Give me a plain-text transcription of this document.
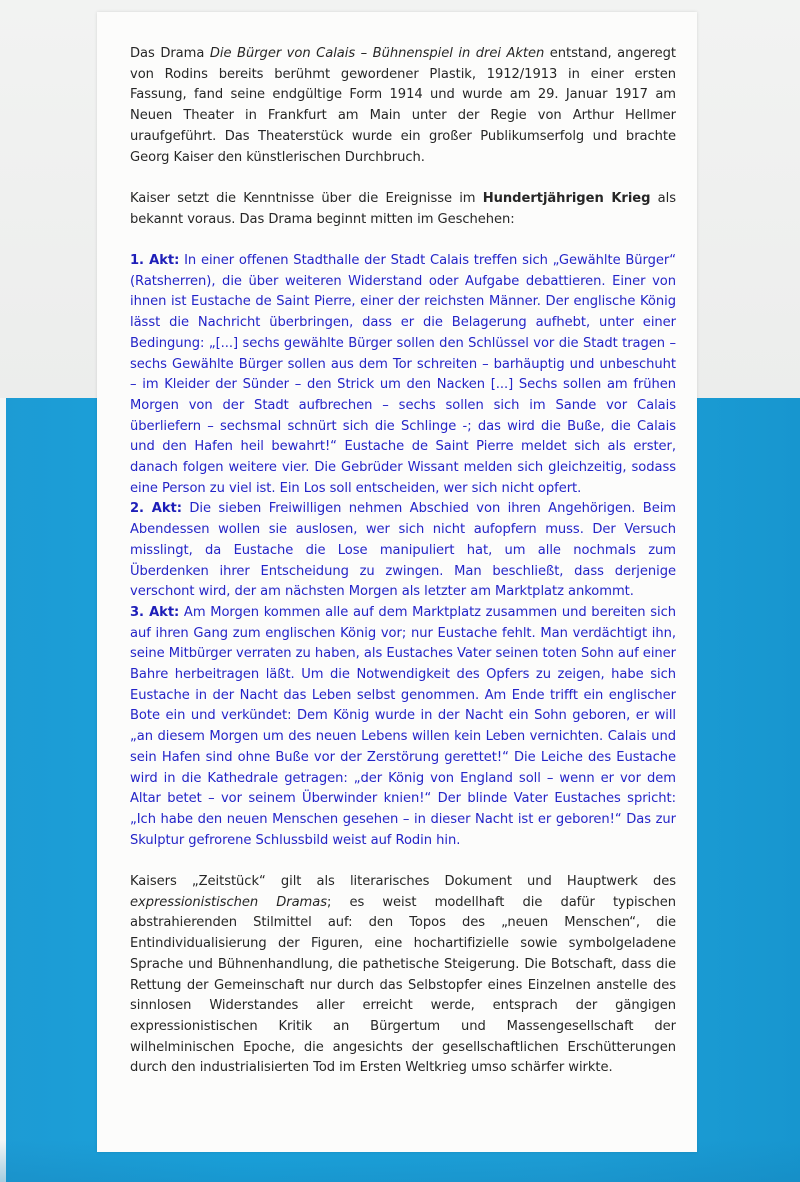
Das Drama Die Bürger von Calais – Bühnenspiel in drei Akten entstand, angeregt von Rodins bereits berühmt gewordener Plastik, 1912/1913 in einer ersten Fassung, fand seine endgültige Form 1914 und wurde am 29. Januar 1917 am Neuen Theater in Frankfurt am Main unter der Regie von Arthur Hellmer uraufgeführt. Das Theaterstück wurde ein großer Publikumserfolg und brachte Georg Kaiser den künstlerischen Durchbruch.

Kaiser setzt die Kenntnisse über die Ereignisse im Hundertjährigen Krieg als bekannt voraus. Das Drama beginnt mitten im Geschehen:

1. Akt: In einer offenen Stadthalle der Stadt Calais treffen sich „Gewählte Bürger“ (Ratsherren), die über weiteren Widerstand oder Aufgabe debattieren. Einer von ihnen ist Eustache de Saint Pierre, einer der reichsten Männer. Der englische König lässt die Nachricht überbringen, dass er die Belagerung aufhebt, unter einer Bedingung: „[...] sechs gewählte Bürger sollen den Schlüssel vor die Stadt tragen – sechs Gewählte Bürger sollen aus dem Tor schreiten – barhäuptig und unbeschuht – im Kleider der Sünder – den Strick um den Nacken [...] Sechs sollen am frühen Morgen von der Stadt aufbrechen – sechs sollen sich im Sande vor Calais überliefern – sechsmal schnürt sich die Schlinge -; das wird die Buße, die Calais und den Hafen heil bewahrt!“ Eustache de Saint Pierre meldet sich als erster, danach folgen weitere vier. Die Gebrüder Wissant melden sich gleichzeitig, sodass eine Person zu viel ist. Ein Los soll entscheiden, wer sich nicht opfert.

2. Akt: Die sieben Freiwilligen nehmen Abschied von ihren Angehörigen. Beim Abendessen wollen sie auslosen, wer sich nicht aufopfern muss. Der Versuch misslingt, da Eustache die Lose manipuliert hat, um alle nochmals zum Überdenken ihrer Entscheidung zu zwingen. Man beschließt, dass derjenige verschont wird, der am nächsten Morgen als letzter am Marktplatz ankommt.

3. Akt: Am Morgen kommen alle auf dem Marktplatz zusammen und bereiten sich auf ihren Gang zum englischen König vor; nur Eustache fehlt. Man verdächtigt ihn, seine Mitbürger verraten zu haben, als Eustaches Vater seinen toten Sohn auf einer Bahre herbeitragen läßt. Um die Notwendigkeit des Opfers zu zeigen, habe sich Eustache in der Nacht das Leben selbst genommen. Am Ende trifft ein englischer Bote ein und verkündet: Dem König wurde in der Nacht ein Sohn geboren, er will „an diesem Morgen um des neuen Lebens willen kein Leben vernichten. Calais und sein Hafen sind ohne Buße vor der Zerstörung gerettet!“ Die Leiche des Eustache wird in die Kathedrale getragen: „der König von England soll – wenn er vor dem Altar betet – vor seinem Überwinder knien!“ Der blinde Vater Eustaches spricht: „Ich habe den neuen Menschen gesehen – in dieser Nacht ist er geboren!“ Das zur Skulptur gefrorene Schlussbild weist auf Rodin hin.

Kaisers „Zeitstück“ gilt als literarisches Dokument und Hauptwerk des expressionistischen Dramas; es weist modellhaft die dafür typischen abstrahierenden Stilmittel auf: den Topos des „neuen Menschen“, die Entindividualisierung der Figuren, eine hochartifizielle sowie symbolgeladene Sprache und Bühnenhandlung, die pathetische Steigerung. Die Botschaft, dass die Rettung der Gemeinschaft nur durch das Selbstopfer eines Einzelnen anstelle des sinnlosen Widerstandes aller erreicht werde, entsprach der gängigen expressionistischen Kritik an Bürgertum und Massengesellschaft der wilhelminischen Epoche, die angesichts der gesellschaftlichen Erschütterungen durch den industrialisierten Tod im Ersten Weltkrieg umso schärfer wirkte.
